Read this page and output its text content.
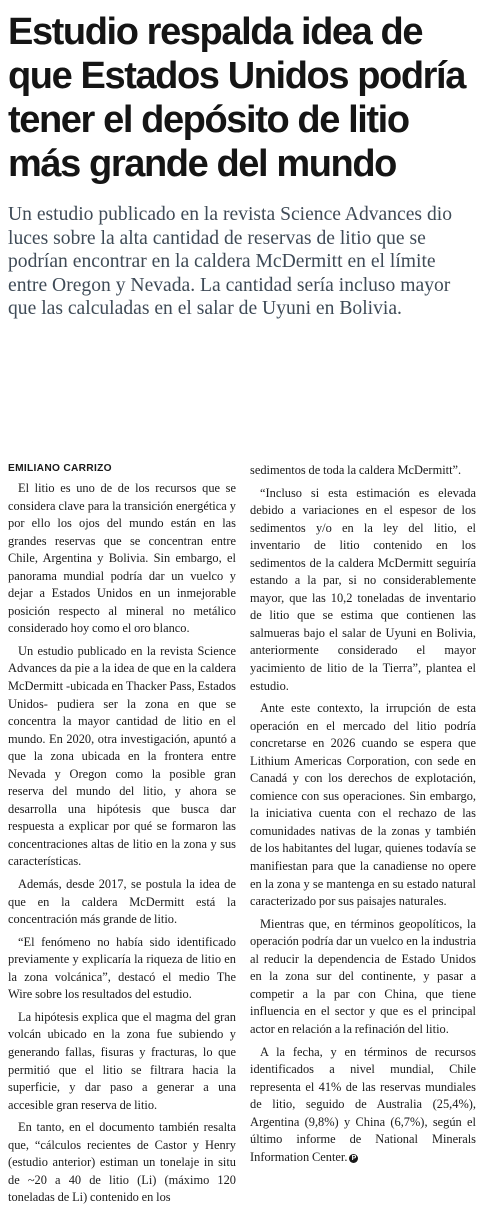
Estudio respalda idea de que Estados Unidos podría tener el depósito de litio más grande del mundo

Un estudio publicado en la revista Science Advances dio luces sobre la alta cantidad de reservas de litio que se podrían encontrar en la caldera McDermitt en el límite entre Oregon y Nevada. La cantidad sería incluso mayor que las calculadas en el salar de Uyuni en Bolivia.

EMILIANO CARRIZO

El litio es uno de de los recursos que se considera clave para la transición energética y por ello los ojos del mundo están en las grandes reservas que se concentran entre Chile, Argentina y Bolivia. Sin embargo, el panorama mundial podría dar un vuelco y dejar a Estados Unidos en un inmejorable posición respecto al mineral no metálico considerado hoy como el oro blanco.

Un estudio publicado en la revista Science Advances da pie a la idea de que en la caldera McDermitt -ubicada en Thacker Pass, Estados Unidos- pudiera ser la zona en que se concentra la mayor cantidad de litio en el mundo. En 2020, otra investigación, apuntó a que la zona ubicada en la frontera entre Nevada y Oregon como la posible gran reserva del mundo del litio, y ahora se desarrolla una hipótesis que busca dar respuesta a explicar por qué se formaron las concentraciones altas de litio en la zona y sus características.

Además, desde 2017, se postula la idea de que en la caldera McDermitt está la concentración más grande de litio.

“El fenómeno no había sido identificado previamente y explicaría la riqueza de litio en la zona volcánica”, destacó el medio The Wire sobre los resultados del estudio.

La hipótesis explica que el magma del gran volcán ubicado en la zona fue subiendo y generando fallas, fisuras y fracturas, lo que permitió que el litio se filtrara hacia la superficie, y dar paso a generar a una accesible gran reserva de litio.

En tanto, en el documento también resalta que, “cálculos recientes de Castor y Henry (estudio anterior) estiman un tonelaje in situ de ~20 a 40 de litio (Li) (máximo 120 toneladas de Li) contenido en los

sedimentos de toda la caldera McDermitt”.

“Incluso si esta estimación es elevada debido a variaciones en el espesor de los sedimentos y/o en la ley del litio, el inventario de litio contenido en los sedimentos de la caldera McDermitt seguiría estando a la par, si no considerablemente mayor, que las 10,2 toneladas de inventario de litio que se estima que contienen las salmueras bajo el salar de Uyuni en Bolivia, anteriormente considerado el mayor yacimiento de litio de la Tierra”, plantea el estudio.

Ante este contexto, la irrupción de esta operación en el mercado del litio podría concretarse en 2026 cuando se espera que Lithium Americas Corporation, con sede en Canadá y con los derechos de explotación, comience con sus operaciones. Sin embargo, la iniciativa cuenta con el rechazo de las comunidades nativas de la zonas y también de los habitantes del lugar, quienes todavía se manifiestan para que la canadiense no opere en la zona y se mantenga en su estado natural caracterizado por sus paisajes naturales.

Mientras que, en términos geopolíticos, la operación podría dar un vuelco en la industria al reducir la dependencia de Estado Unidos en la zona sur del continente, y pasar a competir a la par con China, que tiene influencia en el sector y que es el principal actor en relación a la refinación del litio.

A la fecha, y en términos de recursos identificados a nivel mundial, Chile representa el 41% de las reservas mundiales de litio, seguido de Australia (25,4%), Argentina (9,8%) y China (6,7%), según el último informe de National Minerals Information Center. P
